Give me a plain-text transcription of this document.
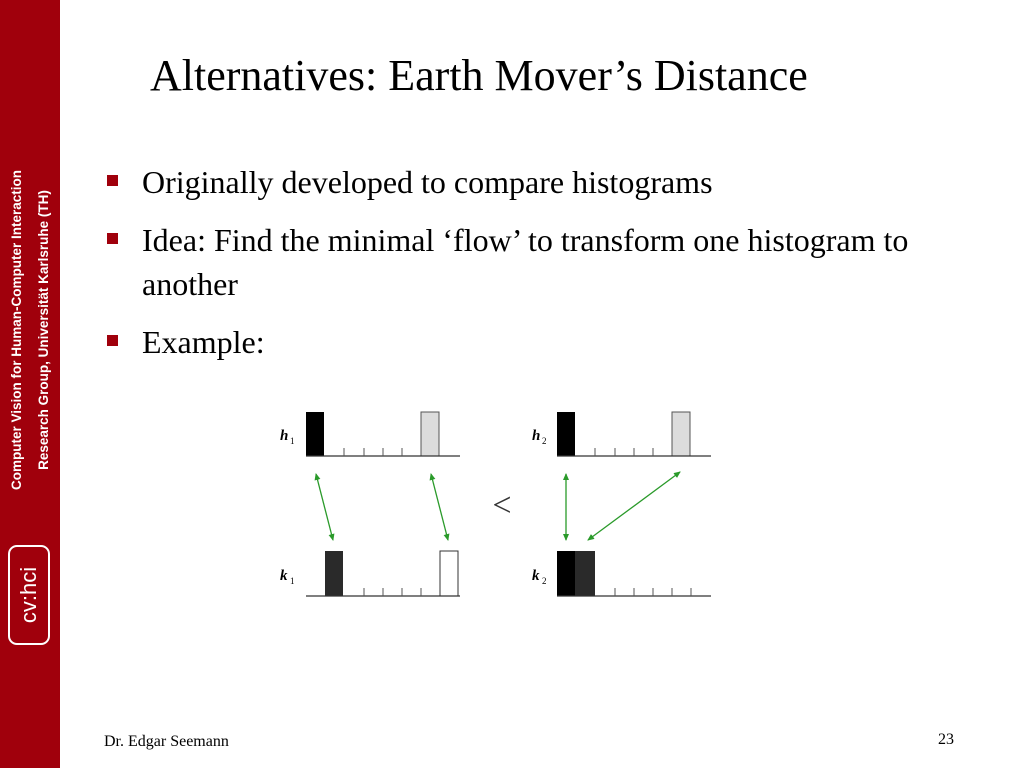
Computer Vision for Human-Computer Interaction Research Group, Universität Karlsruhe (TH)
cv:hci
Alternatives: Earth Mover’s Distance
Originally developed to compare histograms
Idea: Find the minimal ‘flow’ to transform one histogram to another
Example:
h 1
k 1
<
h 2
k 2
Dr. Edgar Seemann	23
